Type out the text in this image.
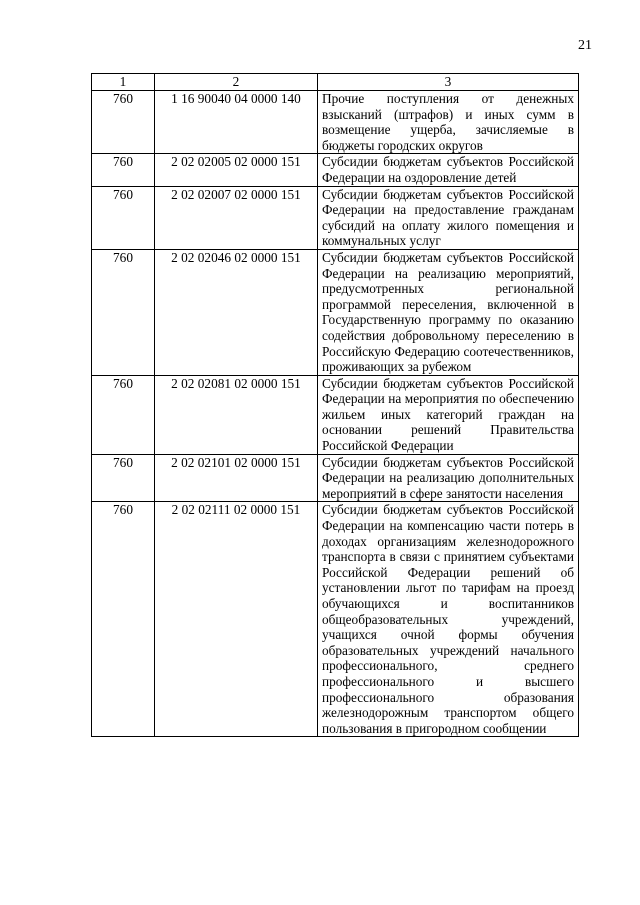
21
1	2	3
760	1 16 90040 04 0000 140	Прочие поступления от денежных взысканий (штрафов) и иных сумм в возмещение ущерба, зачисляемые в бюджеты городских округов
760	2 02 02005 02 0000 151	Субсидии бюджетам субъектов Российской Федерации на оздоровление детей
760	2 02 02007 02 0000 151	Субсидии бюджетам субъектов Российской Федерации на предоставление гражданам субсидий на оплату жилого помещения и коммунальных услуг
760	2 02 02046 02 0000 151	Субсидии бюджетам субъектов Российской Федерации на реализацию мероприятий, предусмотренных региональной программой переселения, включенной в Государственную программу по оказанию содействия добровольному переселению в Российскую Федерацию соотечественников, проживающих за рубежом
760	2 02 02081 02 0000 151	Субсидии бюджетам субъектов Российской Федерации на мероприятия по обеспечению жильем иных категорий граждан на основании решений Правительства Российской Федерации
760	2 02 02101 02 0000 151	Субсидии бюджетам субъектов Российской Федерации на реализацию дополнительных мероприятий в сфере занятости населения
760	2 02 02111 02 0000 151	Субсидии бюджетам субъектов Российской Федерации на компенсацию части потерь в доходах организациям железнодорожного транспорта в связи с принятием субъектами Российской Федерации решений об установлении льгот по тарифам на проезд обучающихся и воспитанников общеобразовательных учреждений, учащихся очной формы обучения образовательных учреждений начального профессионального, среднего профессионального и высшего профессионального образования железнодорожным транспортом общего пользования в пригородном сообщении
